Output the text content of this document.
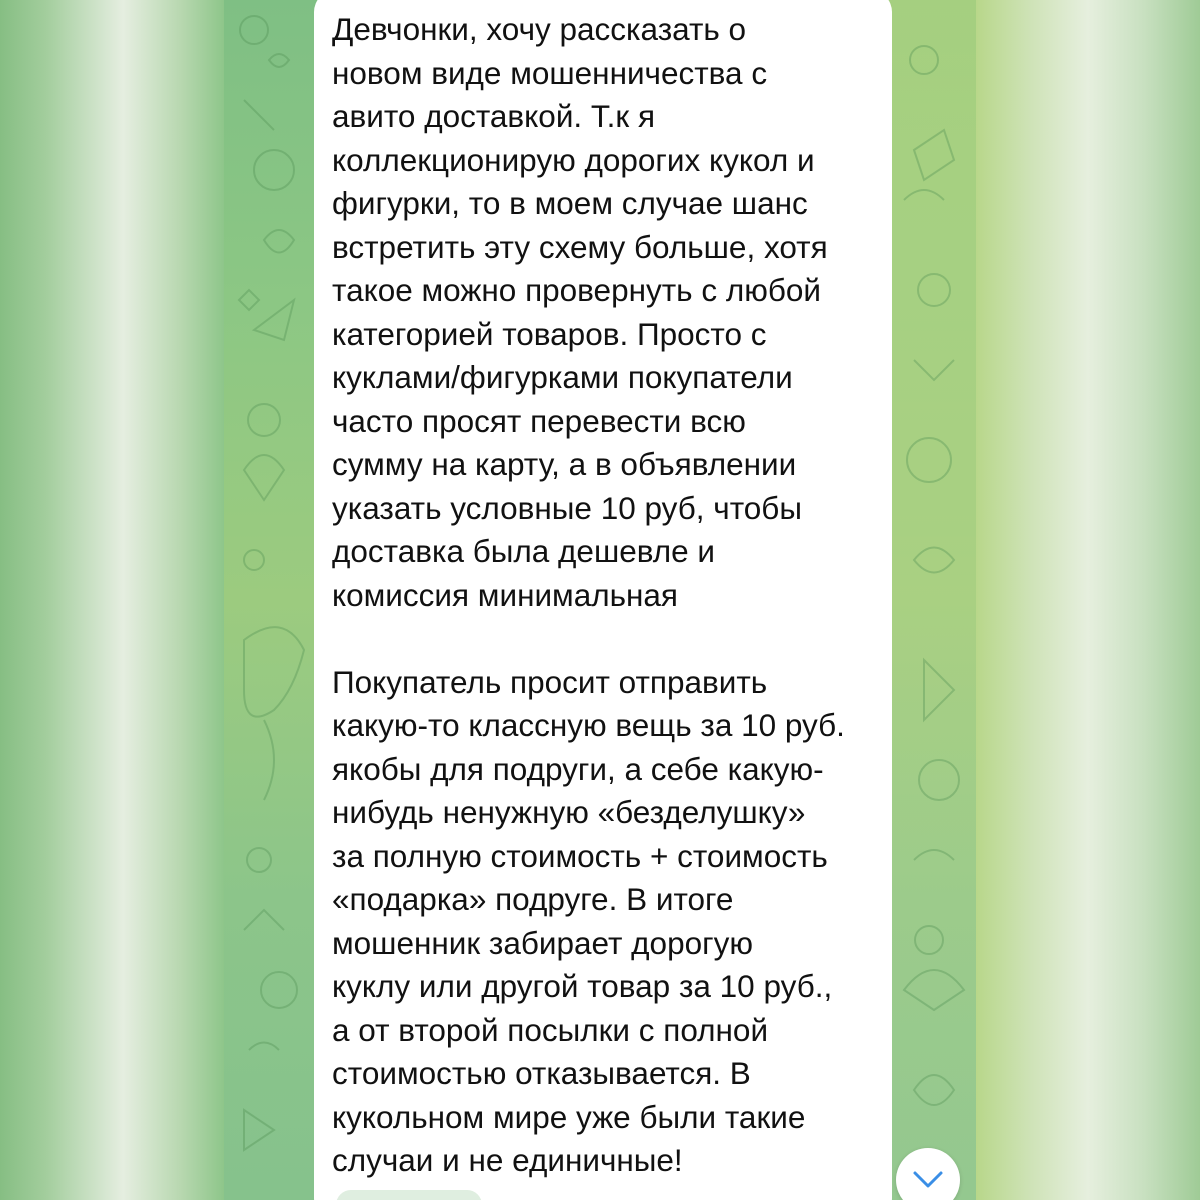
Девчонки, хочу рассказать о
новом виде мошенничества с
авито доставкой. Т.к я
коллекционирую дорогих кукол и
фигурки, то в моем случае шанс
встретить эту схему больше, хотя
такое можно провернуть с любой
категорией товаров. Просто с
куклами/фигурками покупатели
часто просят перевести всю
сумму на карту, а в объявлении
указать условные 10 руб, чтобы
доставка была дешевле и
комиссия минимальная
Покупатель просит отправить
какую-то классную вещь за 10 руб.
якобы для подруги, а себе какую-
нибудь ненужную «безделушку»
за полную стоимость + стоимость
«подарка» подруге. В итоге
мошенник забирает дорогую
куклу или другой товар за 10 руб.,
а от второй посылки с полной
стоимостью отказывается. В
кукольном мире уже были такие
случаи и не единичные!
